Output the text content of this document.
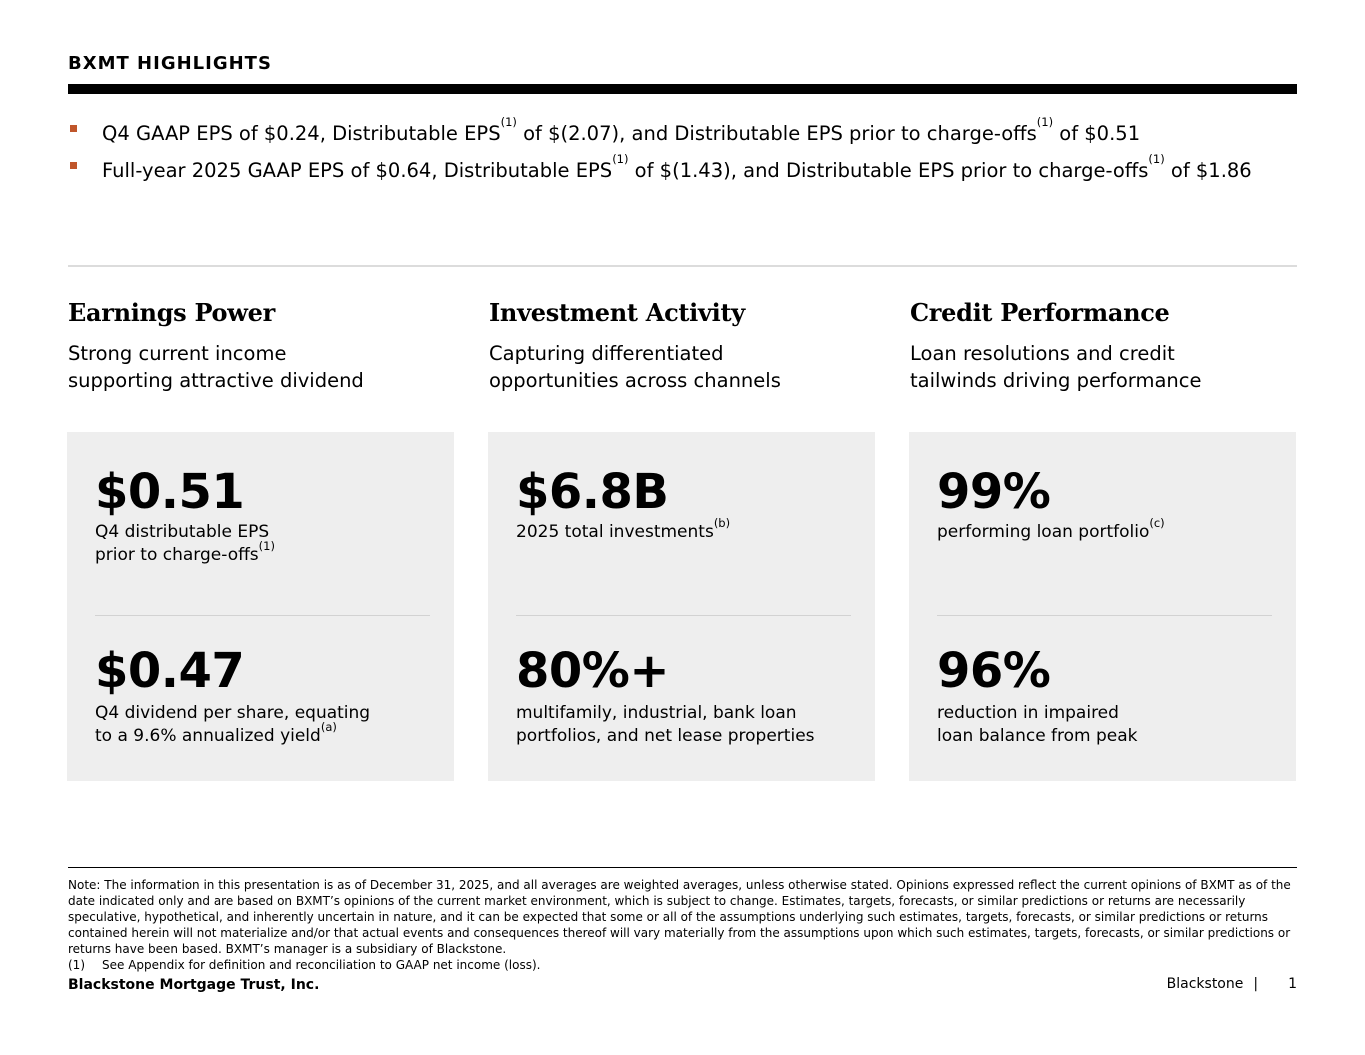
BXMT HIGHLIGHTS
Q4 GAAP EPS of $0.24, Distributable EPS$^{(1)}$ of $(2.07), and Distributable EPS prior to charge-offs$^{(1)}$ of $0.51
Full-year 2025 GAAP EPS of $0.64, Distributable EPS$^{(1)}$ of $(1.43), and Distributable EPS prior to charge-offs$^{(1)}$ of $1.86
Earnings Power

Strong current income
supporting attractive dividend

$0.51
Q4 distributable EPS
prior to charge-offs$^{(1)}$
$0.47
Q4 dividend per share, equating
to a 9.6% annualized yield$^{(a)}$
Investment Activity

Capturing differentiated
opportunities across channels

$6.8B
2025 total investments$^{(b)}$
80%+
multifamily, industrial, bank loan
portfolios, and net lease properties
Credit Performance

Loan resolutions and credit
tailwinds driving performance

99%
performing loan portfolio$^{(c)}$
96%
reduction in impaired
loan balance from peak
Note: The information in this presentation is as of December 31, 2025, and all averages are weighted averages, unless otherwise stated. Opinions expressed reflect the current opinions of BXMT as of the date indicated only and are based on BXMT’s opinions of the current market environment, which is subject to change. Estimates, targets, forecasts, or similar predictions or returns are necessarily speculative, hypothetical, and inherently uncertain in nature, and it can be expected that some or all of the assumptions underlying such estimates, targets, forecasts, or similar predictions or returns contained herein will not materialize and/or that actual events and consequences thereof will vary materially from the assumptions upon which such estimates, targets, forecasts, or similar predictions or returns have been based. BXMT’s manager is a subsidiary of Blackstone.
(1)	See Appendix for definition and reconciliation to GAAP net income (loss).
Blackstone Mortgage Trust, Inc.	Blackstone | 1
